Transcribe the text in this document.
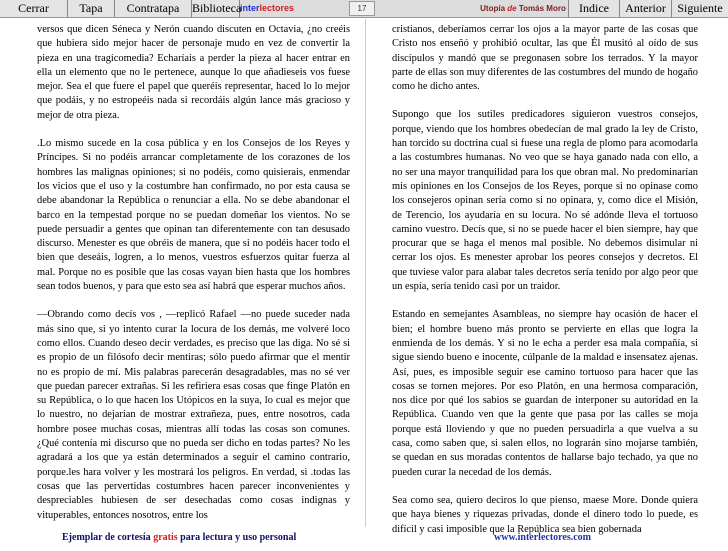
Cerrar	Tapa	Contratapa	Biblioteca
interlectores	17	Utopía de Tomás Moro	Indice	Anterior Siguiente

versos que dicen Séneca y Nerón cuando discuten en Octavia, ¿no creéis que hubiera sido mejor hacer de personaje mudo en vez de convertir la pieza en una tragicomedia? Echaríais a perder la pieza al hacer entrar en ella un elemento que no le pertenece, aunque lo que añadieseis vos fuese mejor. Sea el que fuere el papel que queréis representar, haced lo lo mejor que podáis, y no estropeéis nada si recordáis algún lance más gracioso y mejor de otra pieza.

.Lo mismo sucede en la cosa pública y en los Consejos de los Reyes y Príncipes. Si no podéis arrancar completamente de los corazones de los hombres las malignas opiniones; si no podéis, como quisierais, enmendar los vicios que el uso y la costumbre han confirmado, no por esta causa se debe abandonar la República o renunciar a ella. No se debe abandonar el barco en la tempestad porque no se puedan domeñar los vientos. No se puede persuadir a gentes que opinan tan diferentemente con tan desusado discurso. Menester es que obréis de manera, que si no podéis hacer todo el bien que deseáis, logren, a lo menos, vuestros esfuerzos quitar fuerza al mal. Porque no es posible que las cosas vayan bien hasta que los hombres sean todos buenos, y para que esto sea así habrá que esperar muchos años.

—Obrando como decís vos , —replicó Rafael —no puede suceder nada más sino que, si yo intento curar la locura de los demás, me volveré loco como ellos. Cuando deseo decir verdades, es preciso que las diga. No sé si es propio de un filósofo decir mentiras; sólo puedo afirmar que el mentir no es propio de mí. Mis palabras parecerán desagradables, mas no sé ver que puedan parecer extrañas. Si les refiriera esas cosas que finge Platón en su República, o lo que hacen los Utópicos en la suya, lo cual es mejor que lo nuestro, no dejarían de mostrar extrañeza, pues, entre nosotros, cada hombre posee muchas cosas, mientras allí todas las cosas son comunes. ¿Qué contenía mi discurso que no pueda ser dicho en todas partes? No les agradará a los que ya están determinados a seguir el camino contrario, porque.les hara volver y les mostrará los peligros. En verdad, si .todas las cosas que las pervertidas costumbres hacen parecer inconvenientes y despreciables hubiesen de ser desechadas como cosas indignas y vituperables, entonces nosotros, entre los

cristianos, deberíamos cerrar los ojos a la mayor parte de las cosas que Cristo nos enseñó y prohibió ocultar, las que Él musitó al oído de sus discípulos y mandó que se pregonasen sobre los terrados. Y la mayor parte de ellas son muy diferentes de las costumbres del mundo de hogaño como he dicho antes.

Supongo que los sutiles predicadores siguieron vuestros consejos, porque, viendo que los hombres obedecían de mal grado la ley de Cristo, han torcido su doctrina cual si fuese una regla de plomo para acomodarla a las costumbres humanas. No veo que se haya ganado nada con ello, a no ser una mayor tranquilidad para los que obran mal. No predominarían mis opiniones en los Consejos de los Reyes, porque si no opinase como los consejeros opinan sería como si no opinara, y, como dice el Misión, de Terencio, los ayudaría en su locura. No sé adónde lleva el tortuoso camino vuestro. Decís que, si no se puede hacer el bien siempre, hay que procurar que se haga el menos mal posible. No debemos disimular ni cerrar los ojos. Es menester aprobar los peores consejos y decretos. El que tuviese valor para alabar tales decretos sería tenido por algo peor que un espía, sería tenido casi por un traidor.

Estando en semejantes Asambleas, no siempre hay ocasión de hacer el bien; el hombre bueno más pronto se pervierte en ellas que logra la enmienda de los demás. Y si no le echa a perder esa mala compañía, si sigue siendo bueno e inocente, cúlpanle de la maldad e insensatez ajenas. Así, pues, es imposible seguir ese camino tortuoso para hacer que las cosas se tornen mejores. Por eso Platón, en una hermosa comparación, nos dice por qué los sabios se guardan de interponer su autoridad en la República. Cuando ven que la gente que pasa por las calles se moja porque está lloviendo y que no pueden persuadirla a que vuelva a su casa, como saben que, si salen ellos, no lograrán sino mojarse también, se quedan en sus moradas contentos de hallarse bajo techado, ya que no pueden curar la necedad de los demás.

Sea como sea, quiero deciros lo que pienso, maese More. Donde quiera que haya bienes y riquezas privadas, donde el dinero todo lo puede, es difícil y casi imposible que la República sea bien gobernada

Ejemplar de cortesía gratis para lectura y uso personal	www.interlectores.com
